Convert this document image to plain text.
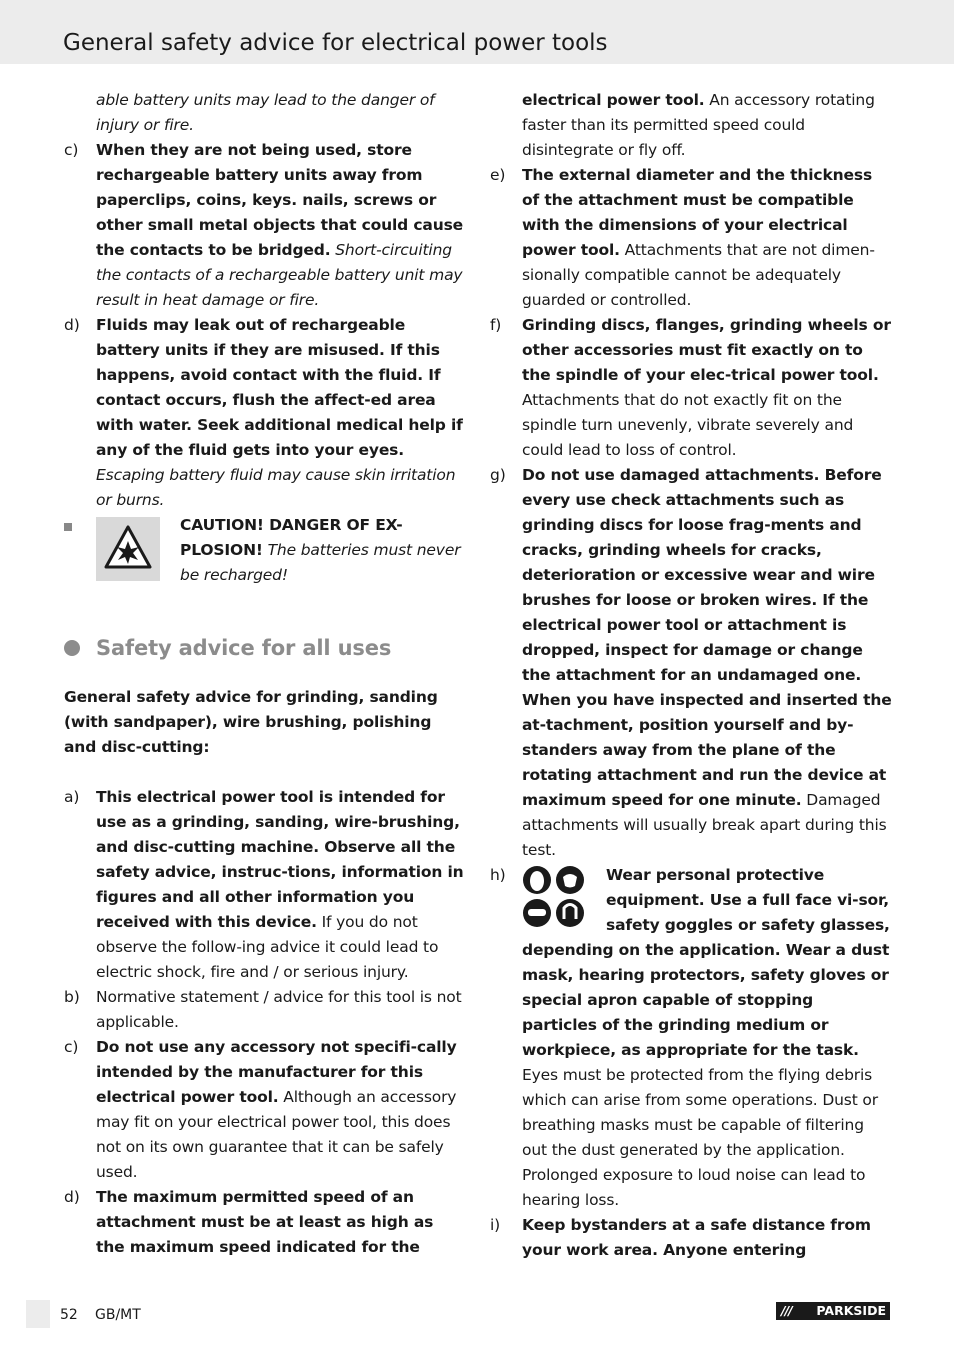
General safety advice for electrical power tools

able battery units may lead to the danger of injury or fire.

c) When they are not being used, store rechargeable battery units away from paperclips, coins, keys. nails, screws or other small metal objects that could cause the contacts to be bridged. Short-circuiting the contacts of a rechargeable battery unit may result in heat damage or fire.
d) Fluids may leak out of rechargeable battery units if they are misused. If this happens, avoid contact with the fluid. If contact occurs, flush the affect-ed area with water. Seek additional medical help if any of the fluid gets into your eyes. Escaping battery fluid may cause skin irritation or burns.
CAUTION! DANGER OF EX-PLOSION! The batteries must never be recharged!
Safety advice for all uses

General safety advice for grinding, sanding (with sandpaper), wire brushing, polishing and disc-cutting:

a) This electrical power tool is intended for use as a grinding, sanding, wire-brushing, and disc-cutting machine. Observe all the safety advice, instruc-tions, information in figures and all other information you received with this device. If you do not observe the follow-ing advice it could lead to electric shock, fire and / or serious injury.
b) Normative statement / advice for this tool is not applicable.
c) Do not use any accessory not specifi-cally intended by the manufacturer for this electrical power tool. Although an accessory may fit on your electrical power tool, this does not on its own guarantee that it can be safely used.
d) The maximum permitted speed of an attachment must be at least as high as the maximum speed indicated for the

electrical power tool. An accessory rotating faster than its permitted speed could disintegrate or fly off.

e) The external diameter and the thickness of the attachment must be compatible with the dimensions of your electrical power tool. Attachments that are not dimen-sionally compatible cannot be adequately guarded or controlled.
f) Grinding discs, flanges, grinding wheels or other accessories must fit exactly on to the spindle of your elec-trical power tool. Attachments that do not exactly fit on the spindle turn unevenly, vibrate severely and could lead to loss of control.
g) Do not use damaged attachments. Before every use check attachments such as grinding discs for loose frag-ments and cracks, grinding wheels for cracks, deterioration or excessive wear and wire brushes for loose or broken wires. If the electrical power tool or attachment is dropped, inspect for damage or change the attachment for an undamaged one. When you have inspected and inserted the at-tachment, position yourself and by-standers away from the plane of the rotating attachment and run the device at maximum speed for one minute. Damaged attachments will usually break apart during this test.
h)	Wear personal protective equipment. Use a full face vi-sor, safety goggles or safety glasses, depending on the application. Wear a dust mask, hearing protectors, safety gloves or special apron capable of stopping particles of the grinding medium or workpiece, as appropriate for the task. Eyes must be protected from the flying debris which can arise from some operations. Dust or breathing masks must be capable of filtering out the dust generated by the application. Prolonged exposure to loud noise can lead to hearing loss.
i) Keep bystanders at a safe distance from your work area. Anyone entering
52 GB/MT	/// PARKSIDE
